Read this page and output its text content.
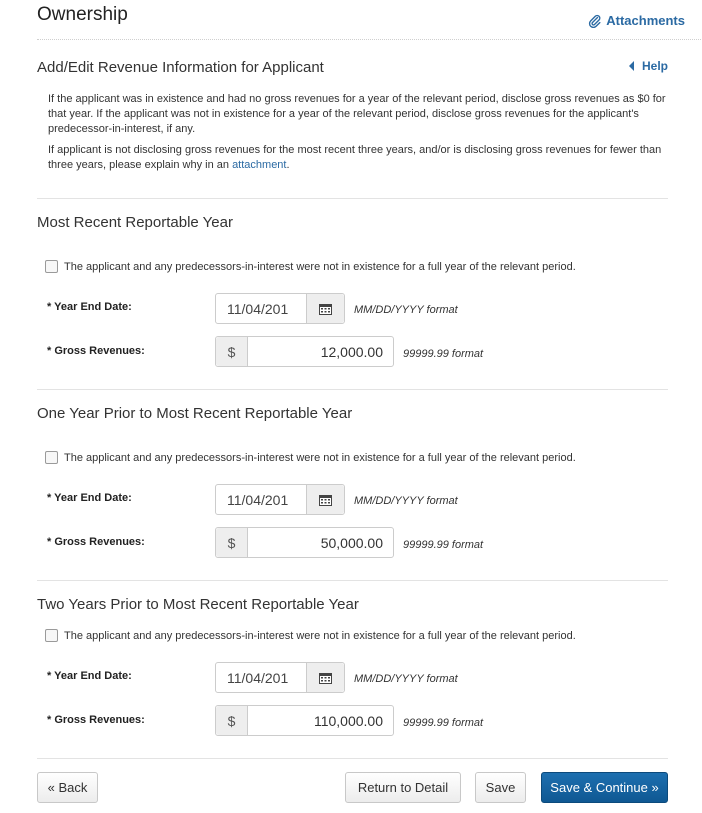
Ownership	Attachments
Add/Edit Revenue Information for Applicant	Help

If the applicant was in existence and had no gross revenues for a year of the relevant period, disclose gross revenues as $0 for that year. If the applicant was not in existence for a year of the relevant period, disclose gross revenues for the applicant's predecessor-in-interest, if any.

If applicant is not disclosing gross revenues for the most recent three years, and/or is disclosing gross revenues for fewer than three years, please explain why in an attachment.

Most Recent Reportable Year
The applicant and any predecessors-in-interest were not in existence for a full year of the relevant period.
* Year End Date:
11/04/201	MM/DD/YYYY format
* Gross Revenues:	$
12,000.00	99999.99 format
One Year Prior to Most Recent Reportable Year
The applicant and any predecessors-in-interest were not in existence for a full year of the relevant period.
* Year End Date:
11/04/201	MM/DD/YYYY format
* Gross Revenues:	$
50,000.00	99999.99 format
Two Years Prior to Most Recent Reportable Year
The applicant and any predecessors-in-interest were not in existence for a full year of the relevant period.
* Year End Date:
11/04/201	MM/DD/YYYY format
* Gross Revenues:	$
110,000.00	99999.99 format
« Back	Return to Detail	Save	Save & Continue »
